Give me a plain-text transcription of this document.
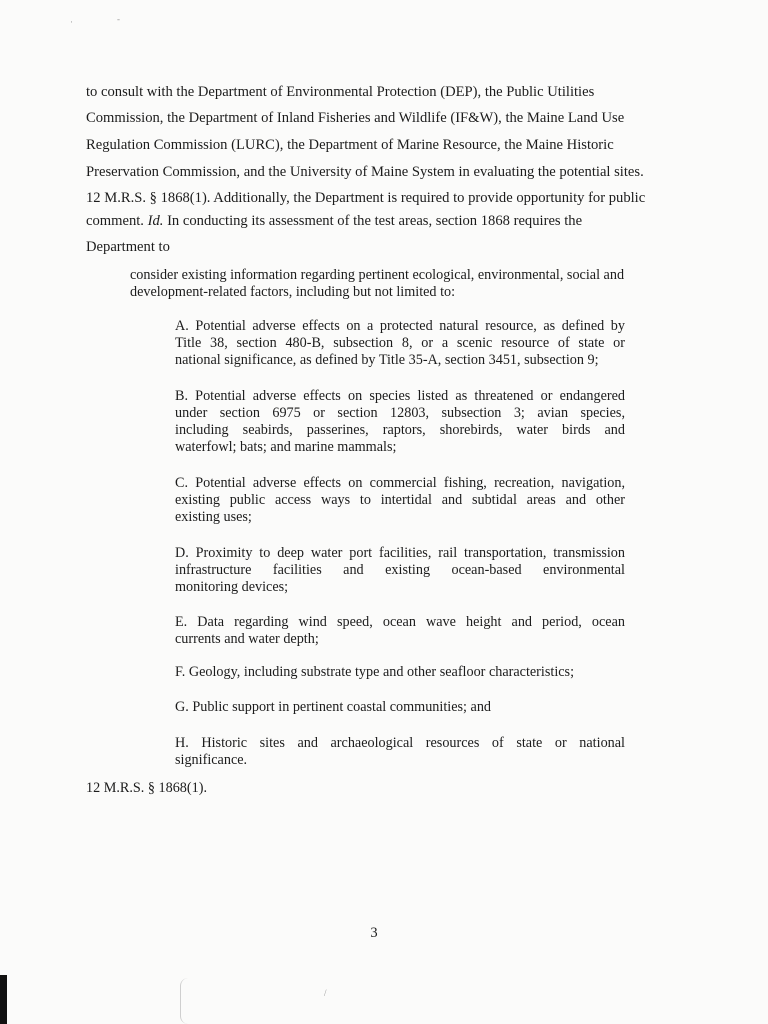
·	-
to consult with the Department of Environmental Protection (DEP), the Public Utilities
Commission, the Department of Inland Fisheries and Wildlife (IF&W), the Maine Land Use
Regulation Commission (LURC), the Department of Marine Resource, the Maine Historic
Preservation Commission, and the University of Maine System in evaluating the potential sites.
12 M.R.S. § 1868(1). Additionally, the Department is required to provide opportunity for public
comment. Id. In conducting its assessment of the test areas, section 1868 requires the
Department to
consider existing information regarding pertinent ecological, environmental, social and
development-related factors, including but not limited to:
A. Potential adverse effects on a protected natural resource, as defined by
Title 38, section 480-B, subsection 8, or a scenic resource of state or
national significance, as defined by Title 35-A, section 3451, subsection 9;
B. Potential adverse effects on species listed as threatened or endangered
under section 6975 or section 12803, subsection 3; avian species,
including seabirds, passerines, raptors, shorebirds, water birds and
waterfowl; bats; and marine mammals;
C. Potential adverse effects on commercial fishing, recreation, navigation,
existing public access ways to intertidal and subtidal areas and other
existing uses;
D. Proximity to deep water port facilities, rail transportation, transmission
infrastructure facilities and existing ocean-based environmental
monitoring devices;
E. Data regarding wind speed, ocean wave height and period, ocean
currents and water depth;
F. Geology, including substrate type and other seafloor characteristics;
G. Public support in pertinent coastal communities; and
H. Historic sites and archaeological resources of state or national
significance.
12 M.R.S. § 1868(1).
3
/
